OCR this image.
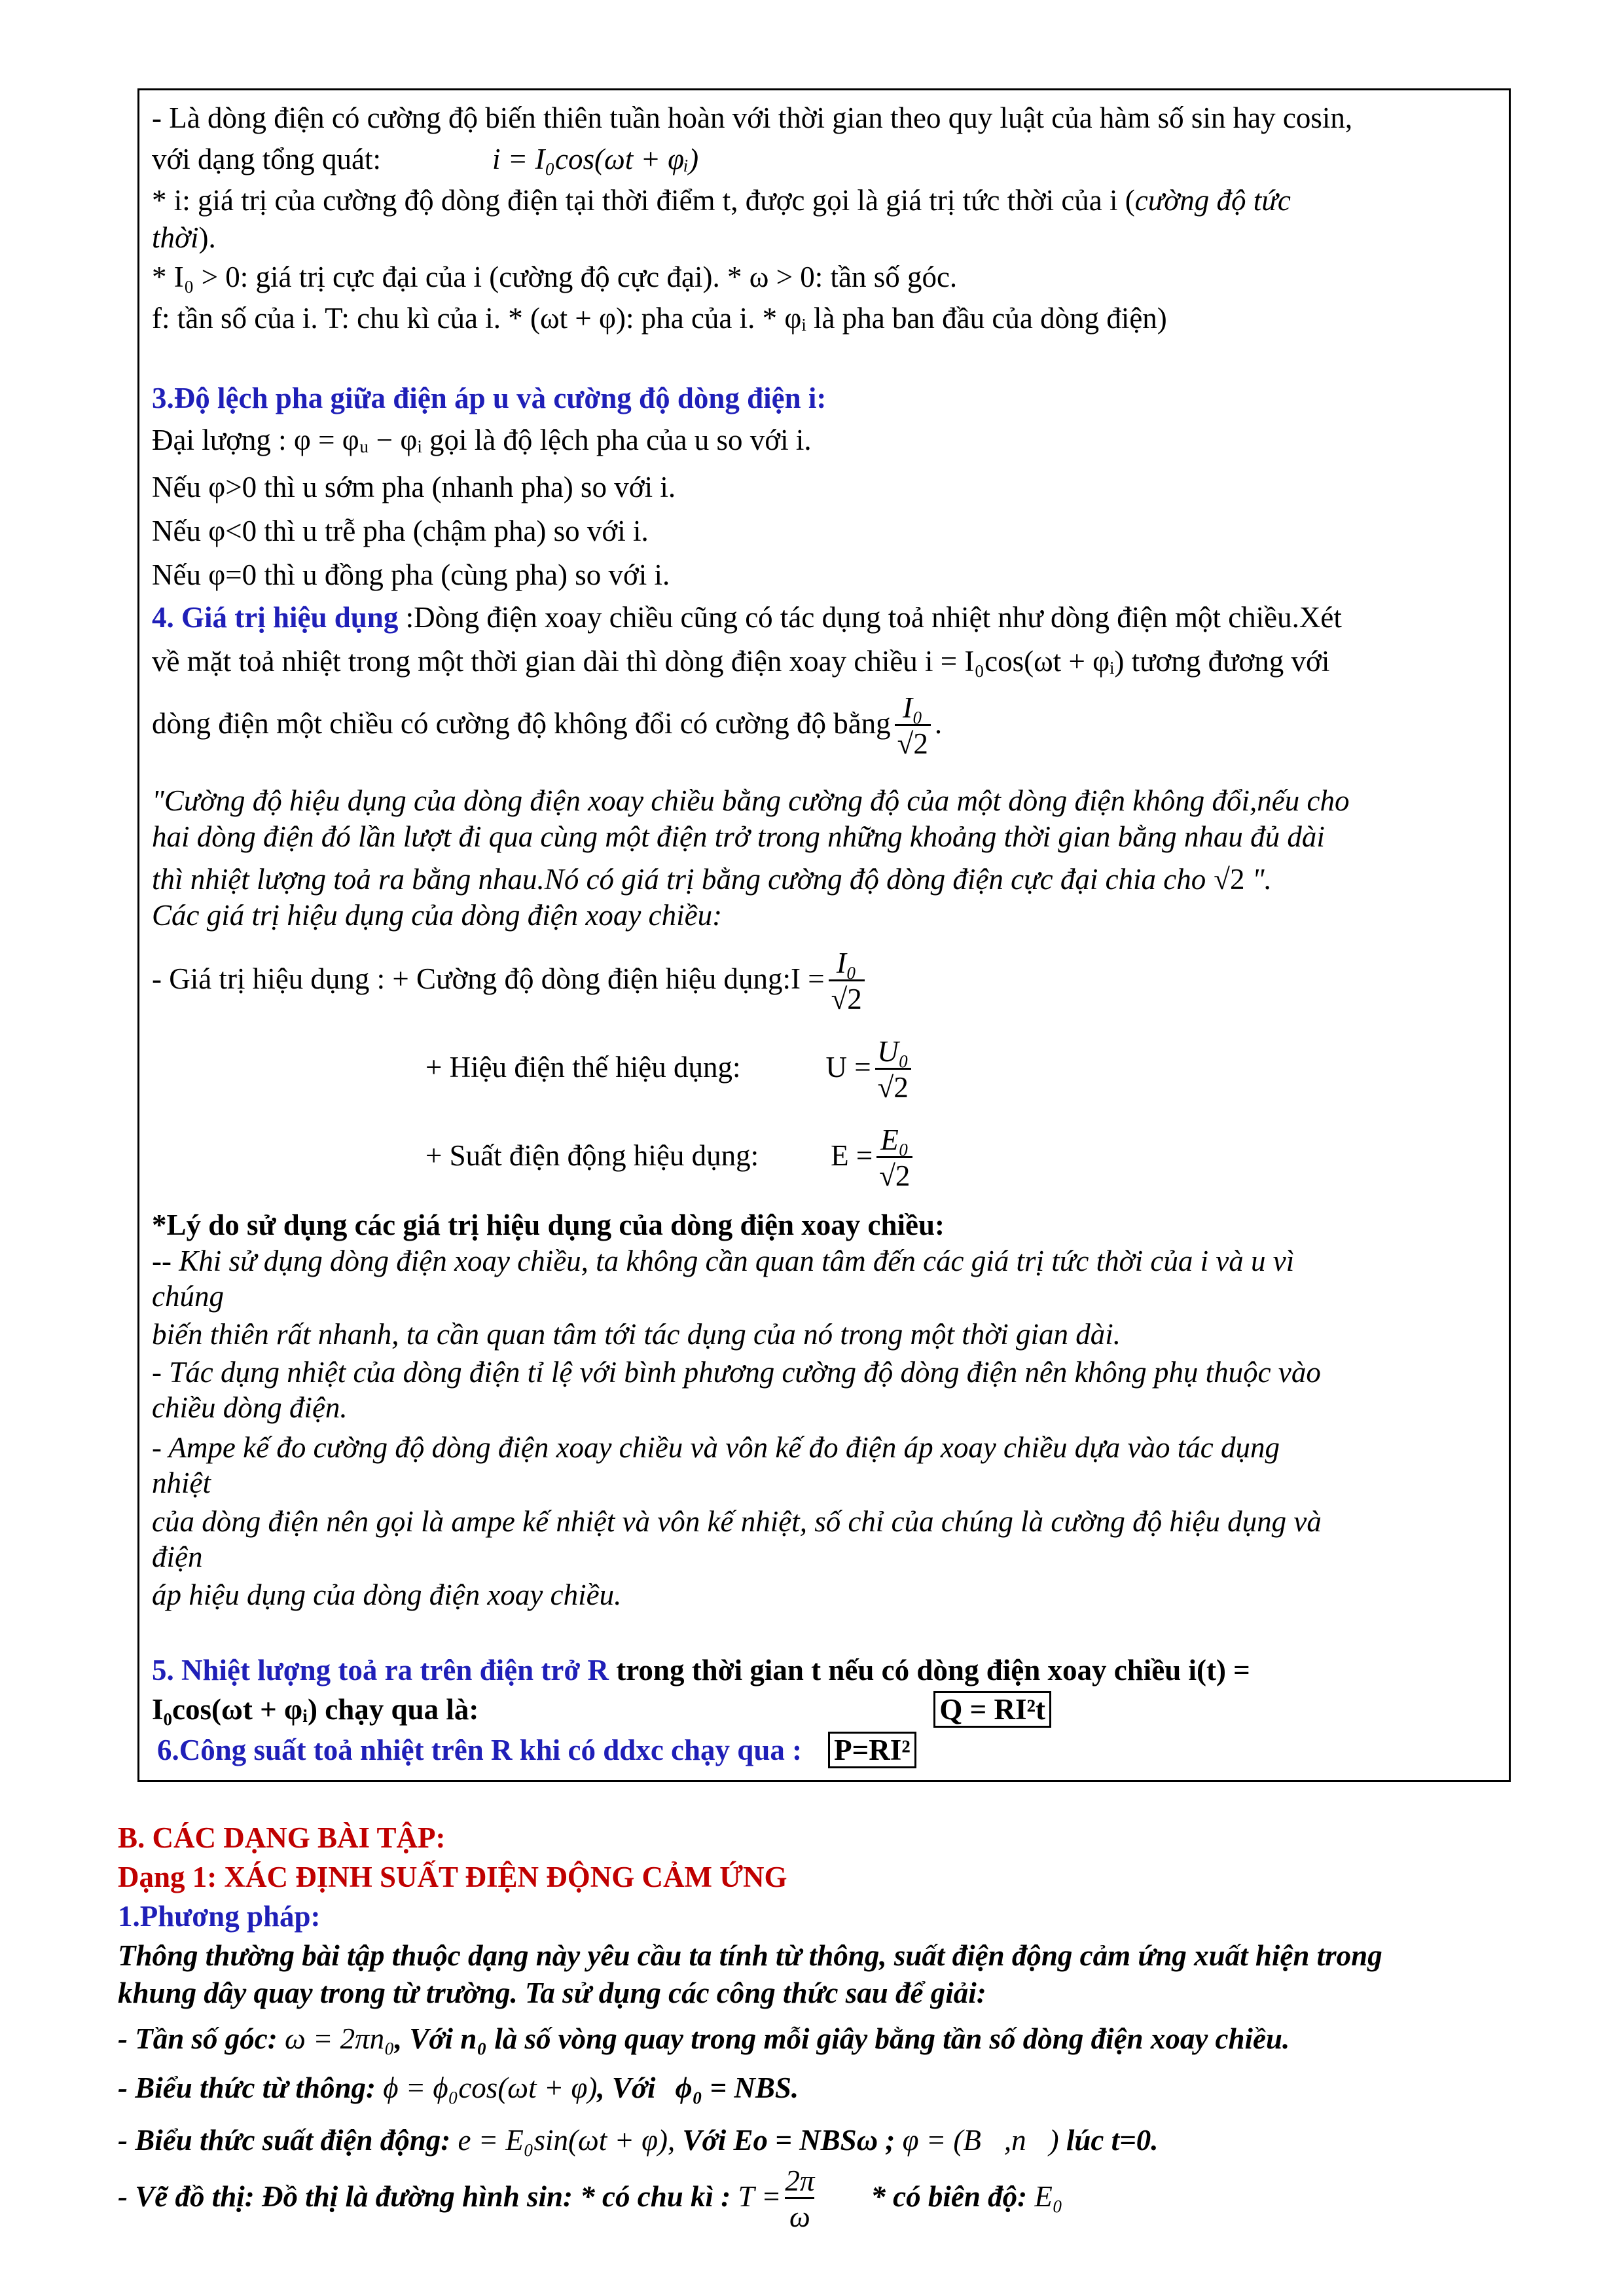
- Là dòng điện có cường độ biến thiên tuần hoàn với thời gian theo quy luật của hàm số sin hay cosin,
với dạng tổng quát:	i = I₀cos(ωt + φᵢ)
* i: giá trị của cường độ dòng điện tại thời điểm t, được gọi là giá trị tức thời của i (cường độ tức
thời).
* I₀ > 0: giá trị cực đại của i (cường độ cực đại). * ω > 0: tần số góc.
f: tần số của i. T: chu kì của i. * (ωt + φ): pha của i. * φᵢ là pha ban đầu của dòng điện)
3.Độ lệch pha giữa điện áp u và cường độ dòng điện i:
Đại lượng : φ = φᵤ − φᵢ gọi là độ lệch pha của u so với i.
Nếu φ>0 thì u sớm pha (nhanh pha) so với i.
Nếu φ<0 thì u trễ pha (chậm pha) so với i.
Nếu φ=0 thì u đồng pha (cùng pha) so với i.
4. Giá trị hiệu dụng :Dòng điện xoay chiều cũng có tác dụng toả nhiệt như dòng điện một chiều.Xét
về mặt toả nhiệt trong một thời gian dài thì dòng điện xoay chiều i = I₀cos(ωt + φᵢ) tương đương với
dòng điện một chiều có cường độ không đổi có cường độ bằng $\frac{\text{I₀}}{√2}$ .
"Cường độ hiệu dụng của dòng điện xoay chiều bằng cường độ của một dòng điện không đổi,nếu cho
hai dòng điện đó lần lượt đi qua cùng một điện trở trong những khoảng thời gian bằng nhau đủ dài
thì nhiệt lượng toả ra bằng nhau.Nó có giá trị bằng cường độ dòng điện cực đại chia cho √2 ".
Các giá trị hiệu dụng của dòng điện xoay chiều:
- Giá trị hiệu dụng : + Cường độ dòng điện hiệu dụng:I = $\frac{\text{I₀}}{√2}$
+ Hiệu điện thế hiệu dụng:	$U = \frac{\text{U₀}}{√2}$
+ Suất điện động hiệu dụng: $E = \frac{\text{E₀}}{√2}$
*Lý do sử dụng các giá trị hiệu dụng của dòng điện xoay chiều:
-- Khi sử dụng dòng điện xoay chiều, ta không cần quan tâm đến các giá trị tức thời của i và u vì
chúng
biến thiên rất nhanh, ta cần quan tâm tới tác dụng của nó trong một thời gian dài.
- Tác dụng nhiệt của dòng điện tỉ lệ với bình phương cường độ dòng điện nên không phụ thuộc vào
chiều dòng điện.
- Ampe kế đo cường độ dòng điện xoay chiều và vôn kế đo điện áp xoay chiều dựa vào tác dụng
nhiệt
của dòng điện nên gọi là ampe kế nhiệt và vôn kế nhiệt, số chỉ của chúng là cường độ hiệu dụng và
điện
áp hiệu dụng của dòng điện xoay chiều.
5. Nhiệt lượng toả ra trên điện trở R trong thời gian t nếu có dòng điện xoay chiều i(t) =
I₀cos(ωt + φᵢ) chạy qua là:	Q = RI²t
6.Công suất toả nhiệt trên R khi có ddxc chạy qua : P=RI²
B. CÁC DẠNG BÀI TẬP:
Dạng 1: XÁC ĐỊNH SUẤT ĐIỆN ĐỘNG CẢM ỨNG
1.Phương pháp:
Thông thường bài tập thuộc dạng này yêu cầu ta tính từ thông, suất điện động cảm ứng xuất hiện trong
khung dây quay trong từ trường. Ta sử dụng các công thức sau để giải:
- Tần số góc: ω = 2πn₀, Với n₀ là số vòng quay trong mỗi giây bằng tần số dòng điện xoay chiều.
- Biểu thức từ thông: ϕ = ϕ₀cos(ωt + φ), Với ϕ₀ = NBS.
- Biểu thức suất điện động: e = E₀sin(ωt + φ), Với Eo = NBSω ; φ = (B⃗,n⃗) lúc t=0.
- Vẽ đồ thị: Đồ thị là đường hình sin: * có chu kì : $T = \frac{2\pi}{\omega}$ * có biên độ: E₀
